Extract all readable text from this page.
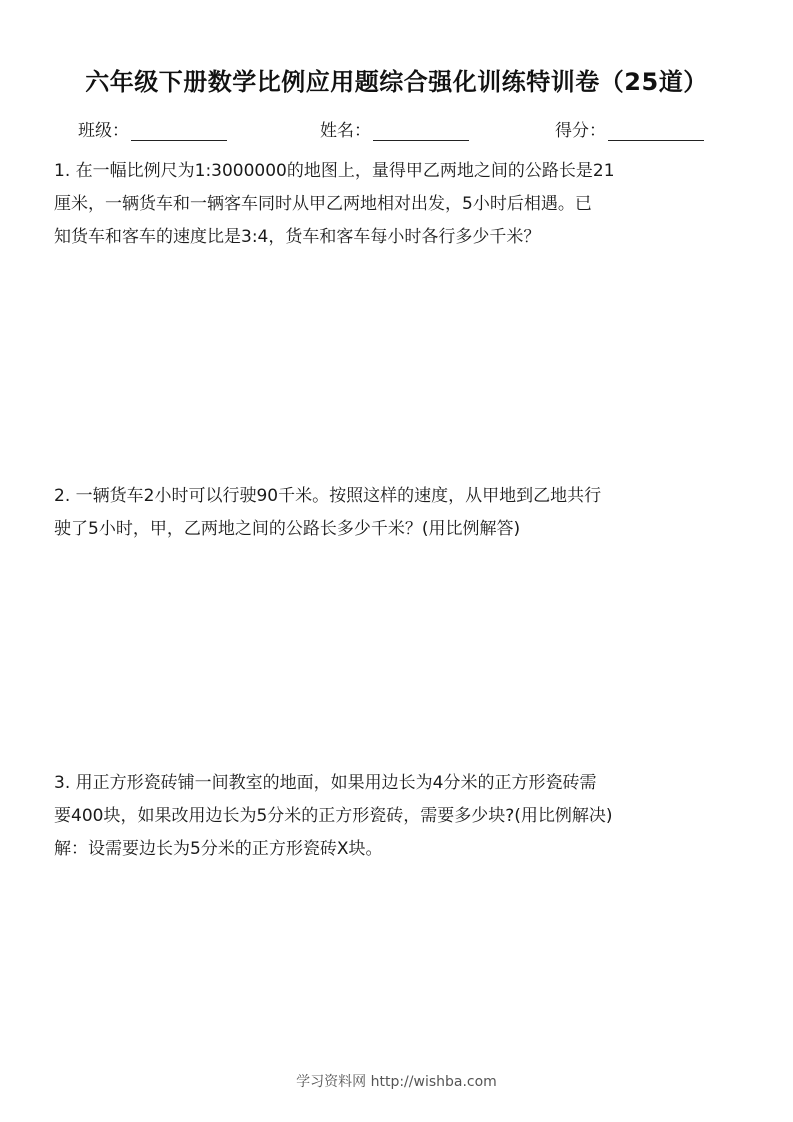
六年级下册数学比例应用题综合强化训练特训卷（25道）
班级：	姓名：	得分：

1. 在一幅比例尺为1:3000000的地图上，量得甲乙两地之间的公路长是21

厘米，一辆货车和一辆客车同时从甲乙两地相对出发，5小时后相遇。已

知货车和客车的速度比是3:4，货车和客车每小时各行多少千米？

2. 一辆货车2小时可以行驶90千米。按照这样的速度，从甲地到乙地共行

驶了5小时，甲，乙两地之间的公路长多少千米？(用比例解答)

3. 用正方形瓷砖铺一间教室的地面，如果用边长为4分米的正方形瓷砖需

要400块，如果改用边长为5分米的正方形瓷砖，需要多少块?(用比例解决)

解：设需要边长为5分米的正方形瓷砖X块。

学习资料网 http://wishba.com
